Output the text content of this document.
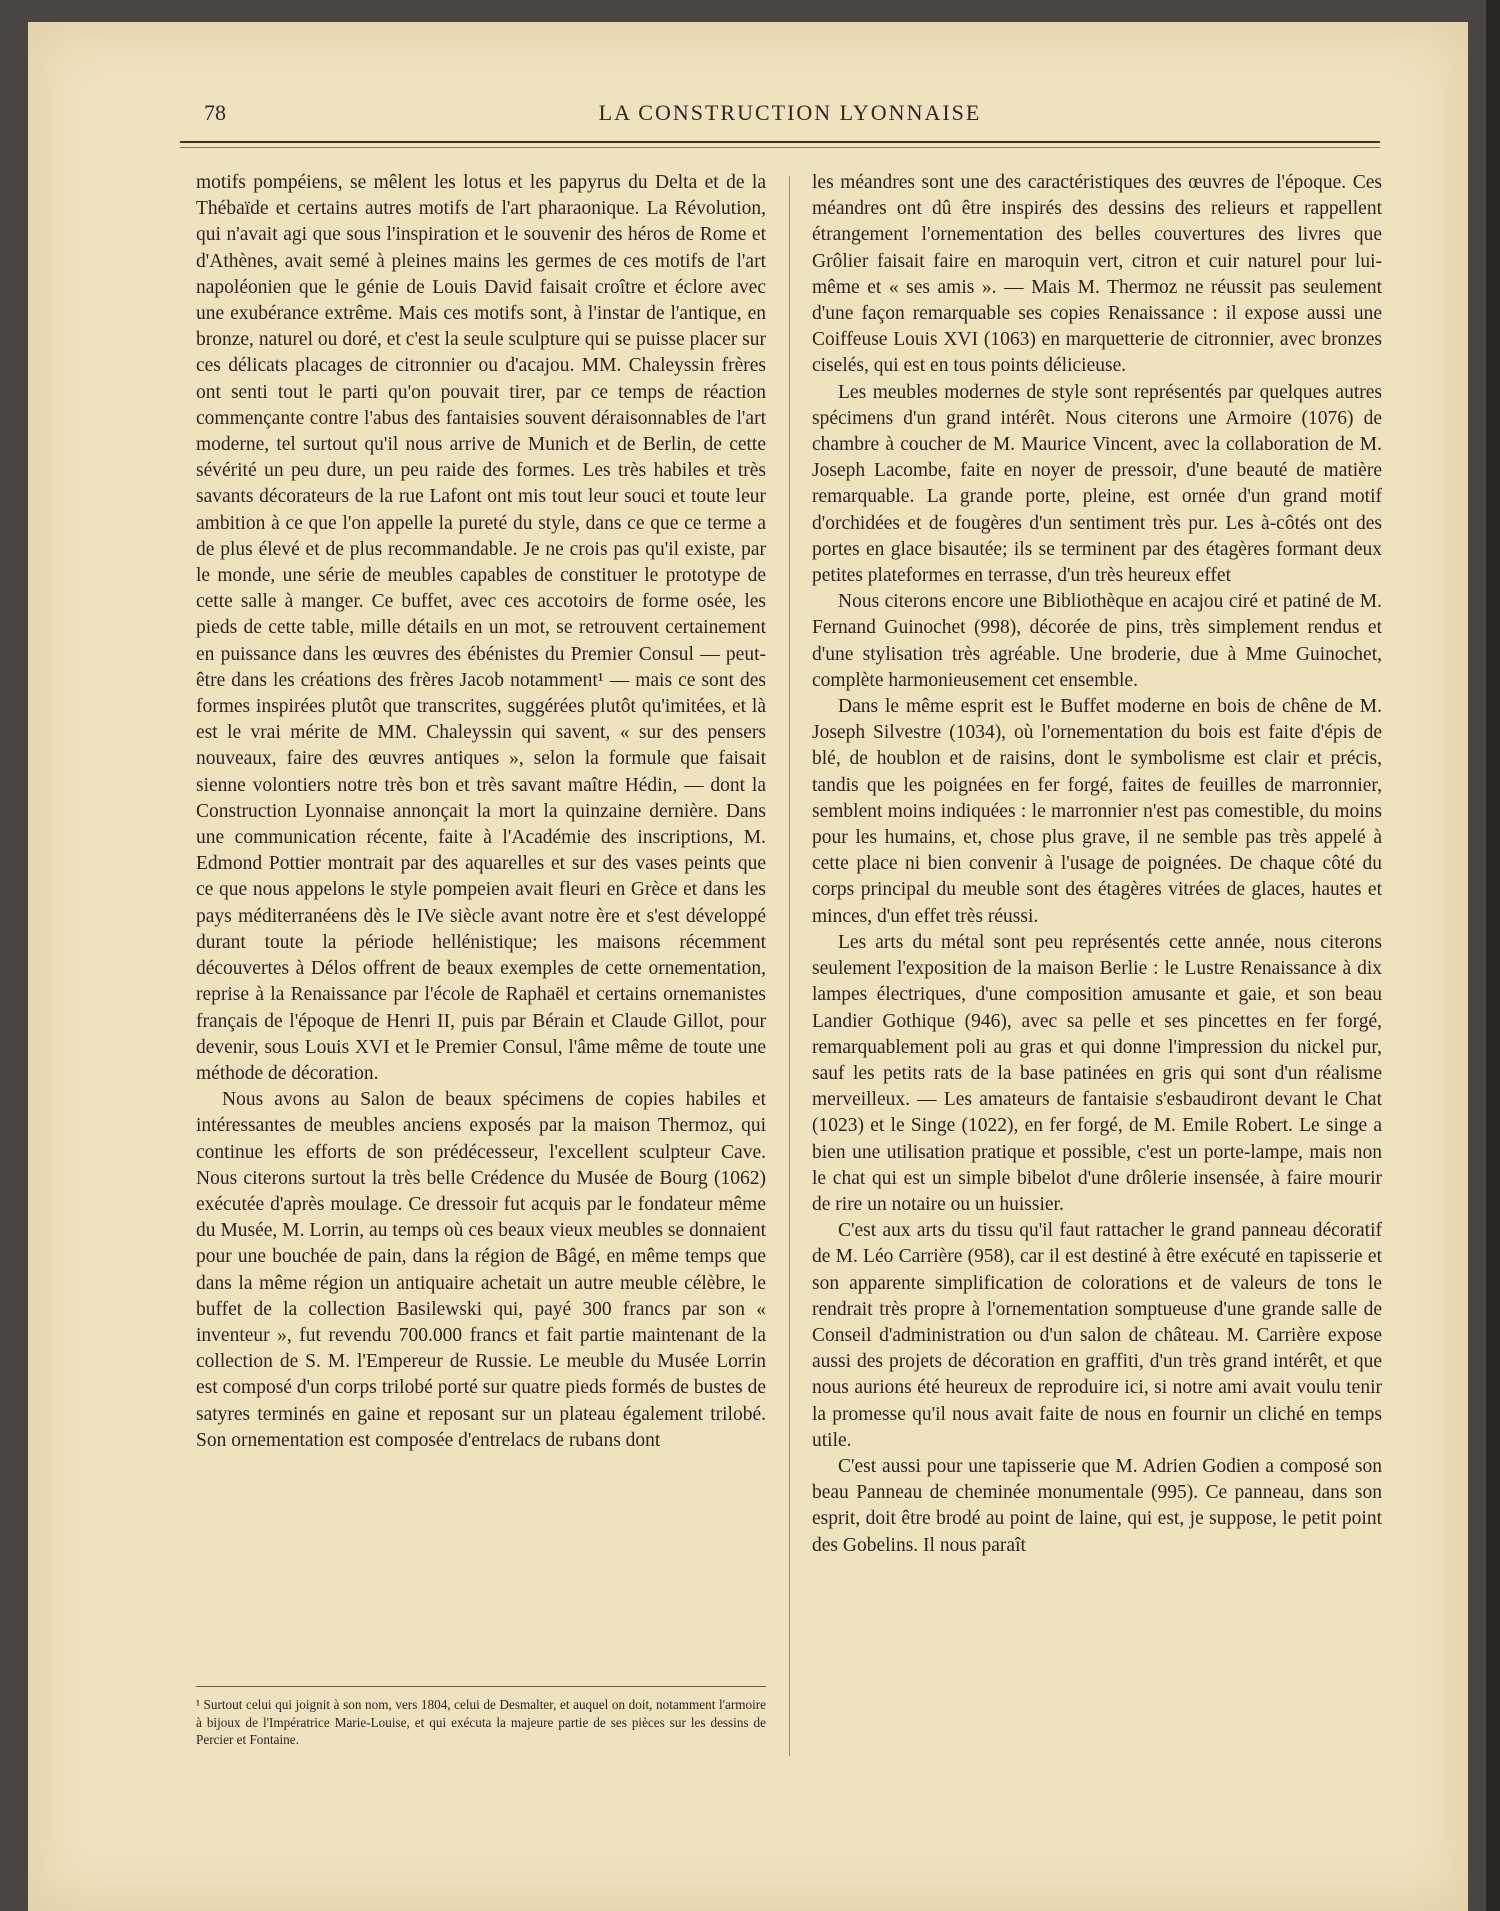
78	LA CONSTRUCTION LYONNAISE

motifs pompéiens, se mêlent les lotus et les papyrus du Delta et de la Thébaïde et certains autres motifs de l'art pharaonique. La Révolution, qui n'avait agi que sous l'inspiration et le souvenir des héros de Rome et d'Athènes, avait semé à pleines mains les germes de ces motifs de l'art napoléonien que le génie de Louis David faisait croître et éclore avec une exubérance extrême. Mais ces motifs sont, à l'instar de l'antique, en bronze, naturel ou doré, et c'est la seule sculpture qui se puisse placer sur ces délicats placages de citronnier ou d'acajou. MM. Chaleyssin frères ont senti tout le parti qu'on pouvait tirer, par ce temps de réaction commençante contre l'abus des fantaisies souvent déraisonnables de l'art moderne, tel surtout qu'il nous arrive de Munich et de Berlin, de cette sévérité un peu dure, un peu raide des formes. Les très habiles et très savants décorateurs de la rue Lafont ont mis tout leur souci et toute leur ambition à ce que l'on appelle la pureté du style, dans ce que ce terme a de plus élevé et de plus recommandable. Je ne crois pas qu'il existe, par le monde, une série de meubles capables de constituer le prototype de cette salle à manger. Ce buffet, avec ces accotoirs de forme osée, les pieds de cette table, mille détails en un mot, se retrouvent certainement en puissance dans les œuvres des ébénistes du Premier Consul — peut-être dans les créations des frères Jacob notamment¹ — mais ce sont des formes inspirées plutôt que transcrites, suggérées plutôt qu'imitées, et là est le vrai mérite de MM. Chaleyssin qui savent, « sur des pensers nouveaux, faire des œuvres antiques », selon la formule que faisait sienne volontiers notre très bon et très savant maître Hédin, — dont la Construction Lyonnaise annonçait la mort la quinzaine dernière. Dans une communication récente, faite à l'Académie des inscriptions, M. Edmond Pottier montrait par des aquarelles et sur des vases peints que ce que nous appelons le style pompeien avait fleuri en Grèce et dans les pays méditerranéens dès le IVe siècle avant notre ère et s'est développé durant toute la période hellénistique; les maisons récemment découvertes à Délos offrent de beaux exemples de cette ornementation, reprise à la Renaissance par l'école de Raphaël et certains ornemanistes français de l'époque de Henri II, puis par Bérain et Claude Gillot, pour devenir, sous Louis XVI et le Premier Consul, l'âme même de toute une méthode de décoration.

Nous avons au Salon de beaux spécimens de copies habiles et intéressantes de meubles anciens exposés par la maison Thermoz, qui continue les efforts de son prédécesseur, l'excellent sculpteur Cave. Nous citerons surtout la très belle Crédence du Musée de Bourg (1062) exécutée d'après moulage. Ce dressoir fut acquis par le fondateur même du Musée, M. Lorrin, au temps où ces beaux vieux meubles se donnaient pour une bouchée de pain, dans la région de Bâgé, en même temps que dans la même région un antiquaire achetait un autre meuble célèbre, le buffet de la collection Basilewski qui, payé 300 francs par son « inventeur », fut revendu 700.000 francs et fait partie maintenant de la collection de S. M. l'Empereur de Russie. Le meuble du Musée Lorrin est composé d'un corps trilobé porté sur quatre pieds formés de bustes de satyres terminés en gaine et reposant sur un plateau également trilobé. Son ornementation est composée d'entrelacs de rubans dont

les méandres sont une des caractéristiques des œuvres de l'époque. Ces méandres ont dû être inspirés des dessins des relieurs et rappellent étrangement l'ornementation des belles couvertures des livres que Grôlier faisait faire en maroquin vert, citron et cuir naturel pour lui-même et « ses amis ». — Mais M. Thermoz ne réussit pas seulement d'une façon remarquable ses copies Renaissance : il expose aussi une Coiffeuse Louis XVI (1063) en marquetterie de citronnier, avec bronzes ciselés, qui est en tous points délicieuse.

Les meubles modernes de style sont représentés par quelques autres spécimens d'un grand intérêt. Nous citerons une Armoire (1076) de chambre à coucher de M. Maurice Vincent, avec la collaboration de M. Joseph Lacombe, faite en noyer de pressoir, d'une beauté de matière remarquable. La grande porte, pleine, est ornée d'un grand motif d'orchidées et de fougères d'un sentiment très pur. Les à-côtés ont des portes en glace bisautée; ils se terminent par des étagères formant deux petites plateformes en terrasse, d'un très heureux effet

Nous citerons encore une Bibliothèque en acajou ciré et patiné de M. Fernand Guinochet (998), décorée de pins, très simplement rendus et d'une stylisation très agréable. Une broderie, due à Mme Guinochet, complète harmonieusement cet ensemble.

Dans le même esprit est le Buffet moderne en bois de chêne de M. Joseph Silvestre (1034), où l'ornementation du bois est faite d'épis de blé, de houblon et de raisins, dont le symbolisme est clair et précis, tandis que les poignées en fer forgé, faites de feuilles de marronnier, semblent moins indiquées : le marronnier n'est pas comestible, du moins pour les humains, et, chose plus grave, il ne semble pas très appelé à cette place ni bien convenir à l'usage de poignées. De chaque côté du corps principal du meuble sont des étagères vitrées de glaces, hautes et minces, d'un effet très réussi.

Les arts du métal sont peu représentés cette année, nous citerons seulement l'exposition de la maison Berlie : le Lustre Renaissance à dix lampes électriques, d'une composition amusante et gaie, et son beau Landier Gothique (946), avec sa pelle et ses pincettes en fer forgé, remarquablement poli au gras et qui donne l'impression du nickel pur, sauf les petits rats de la base patinées en gris qui sont d'un réalisme merveilleux. — Les amateurs de fantaisie s'esbaudiront devant le Chat (1023) et le Singe (1022), en fer forgé, de M. Emile Robert. Le singe a bien une utilisation pratique et possible, c'est un porte-lampe, mais non le chat qui est un simple bibelot d'une drôlerie insensée, à faire mourir de rire un notaire ou un huissier.

C'est aux arts du tissu qu'il faut rattacher le grand panneau décoratif de M. Léo Carrière (958), car il est destiné à être exécuté en tapisserie et son apparente simplification de colorations et de valeurs de tons le rendrait très propre à l'ornementation somptueuse d'une grande salle de Conseil d'administration ou d'un salon de château. M. Carrière expose aussi des projets de décoration en graffiti, d'un très grand intérêt, et que nous aurions été heureux de reproduire ici, si notre ami avait voulu tenir la promesse qu'il nous avait faite de nous en fournir un cliché en temps utile.

C'est aussi pour une tapisserie que M. Adrien Godien a composé son beau Panneau de cheminée monumentale (995). Ce panneau, dans son esprit, doit être brodé au point de laine, qui est, je suppose, le petit point des Gobelins. Il nous paraît

¹ Surtout celui qui joignit à son nom, vers 1804, celui de Desmalter, et auquel on doit, notamment l'armoire à bijoux de l'Impératrice Marie-Louise, et qui exécuta la majeure partie de ses pièces sur les dessins de Percier et Fontaine.
